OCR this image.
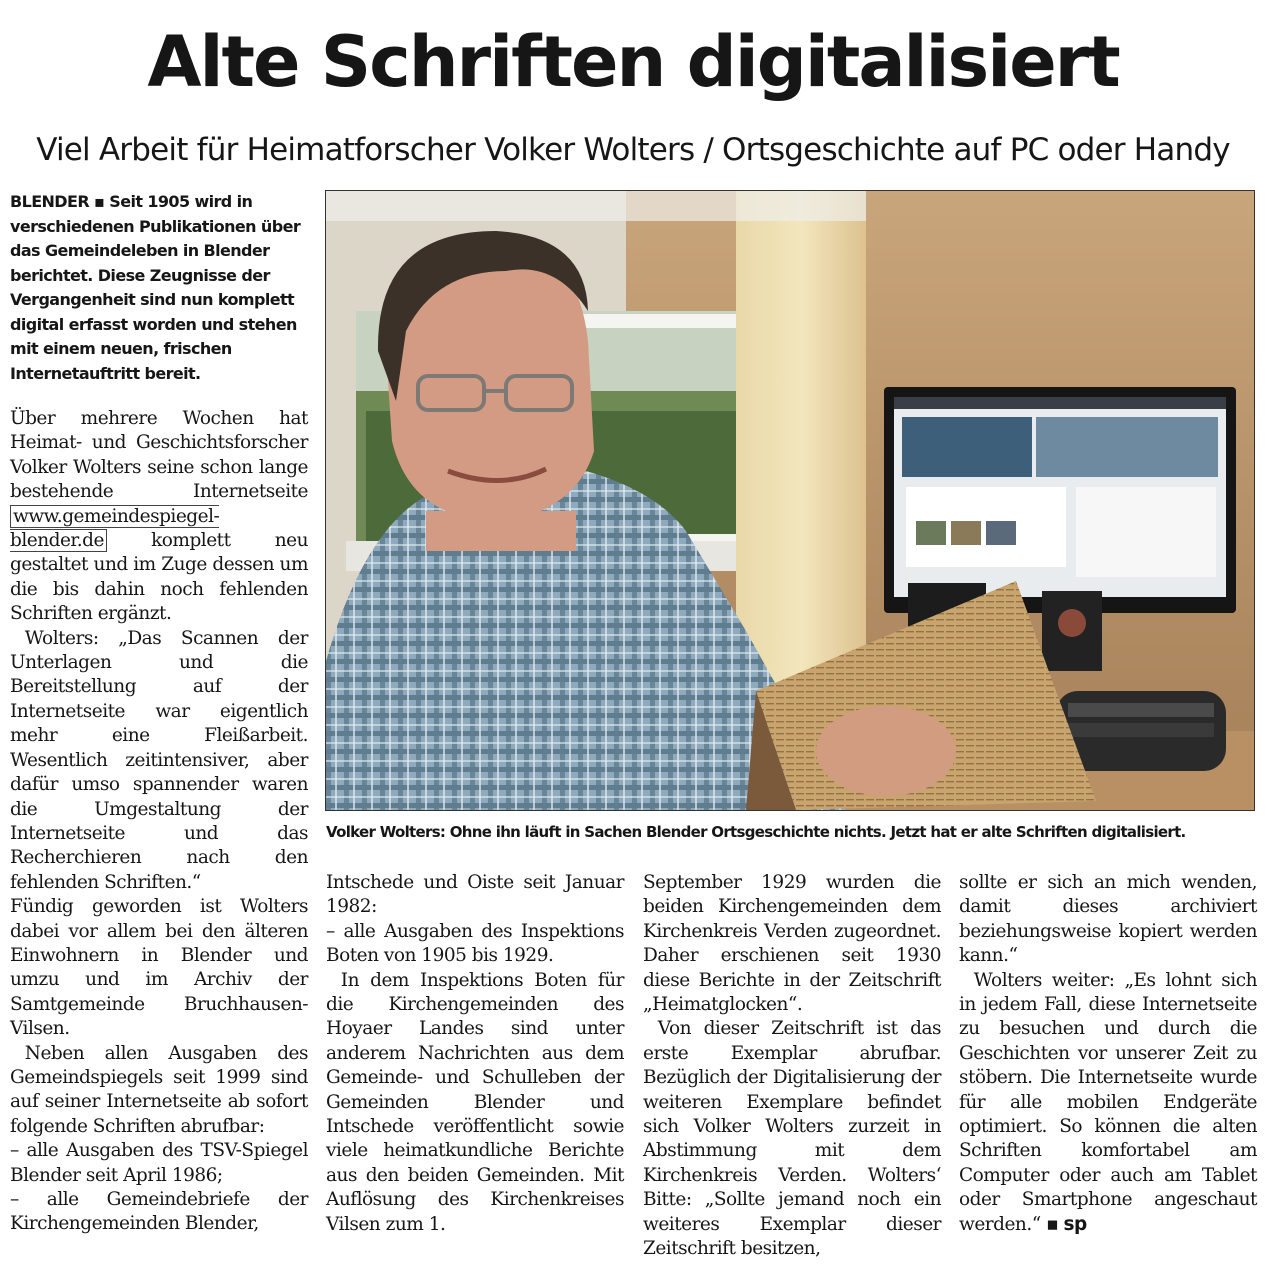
Alte Schriften digitalisiert
Viel Arbeit für Heimatforscher Volker Wolters / Ortsgeschichte auf PC oder Handy
BLENDER ▪ Seit 1905 wird in verschiedenen Publikationen über das Gemeindeleben in Blender berichtet. Diese Zeugnisse der Vergangenheit sind nun komplett digital erfasst worden und stehen mit einem neuen, frischen Internetauftritt bereit.

Über mehrere Wochen hat Heimat- und Geschichtsforscher Volker Wolters seine schon lange bestehende Internetseite www.gemeindespiegel-blender.de	komplett neu gestaltet und im Zuge dessen um die bis dahin noch fehlenden Schriften ergänzt.

Wolters: „Das Scannen der Unterlagen und die Bereitstellung auf der Internetseite war eigentlich mehr eine Fleißarbeit. Wesentlich zeitintensiver, aber dafür umso spannender waren die Umgestaltung der Internetseite und das Recherchieren nach den fehlenden Schriften.“

Fündig geworden ist Wolters dabei vor allem bei den älteren Einwohnern in Blender und umzu und im Archiv der Samtgemeinde Bruchhausen-Vilsen.

Neben allen Ausgaben des Gemeindspiegels seit 1999 sind auf seiner Internetseite ab sofort folgende Schriften abrufbar:

– alle Ausgaben des TSV-Spiegel Blender seit April 1986;

– alle Gemeindebriefe der Kirchengemeinden Blender,

Volker Wolters: Ohne ihn läuft in Sachen Blender Ortsgeschichte nichts. Jetzt hat er alte Schriften digitalisiert.

Intschede und Oiste seit Januar 1982:

– alle Ausgaben des Inspektions Boten von 1905 bis 1929.

In dem Inspektions Boten für die Kirchengemeinden des Hoyaer Landes sind unter anderem Nachrichten aus dem Gemeinde- und Schulleben der Gemeinden Blender und Intschede veröffentlicht sowie viele heimatkundliche Berichte aus den beiden Gemeinden. Mit Auflösung des Kirchenkreises Vilsen zum 1.

September 1929 wurden die beiden Kirchengemeinden dem Kirchenkreis Verden zugeordnet. Daher erschienen seit 1930 diese Berichte in der Zeitschrift „Heimatglocken“.

Von dieser Zeitschrift ist das erste Exemplar abrufbar. Bezüglich der Digitalisierung der weiteren Exemplare befindet sich Volker Wolters zurzeit in Abstimmung mit dem Kirchenkreis Verden. Wolters‘ Bitte: „Sollte jemand noch ein weiteres Exemplar dieser Zeitschrift besitzen,

sollte er sich an mich wenden, damit dieses archiviert beziehungsweise kopiert werden kann.“

Wolters weiter: „Es lohnt sich in jedem Fall, diese Internetseite zu besuchen und durch die Geschichten vor unserer Zeit zu stöbern. Die Internetseite wurde für alle mobilen Endgeräte optimiert. So können die alten Schriften komfortabel am Computer oder auch am Tablet oder Smartphone angeschaut werden.“ ▪ sp
